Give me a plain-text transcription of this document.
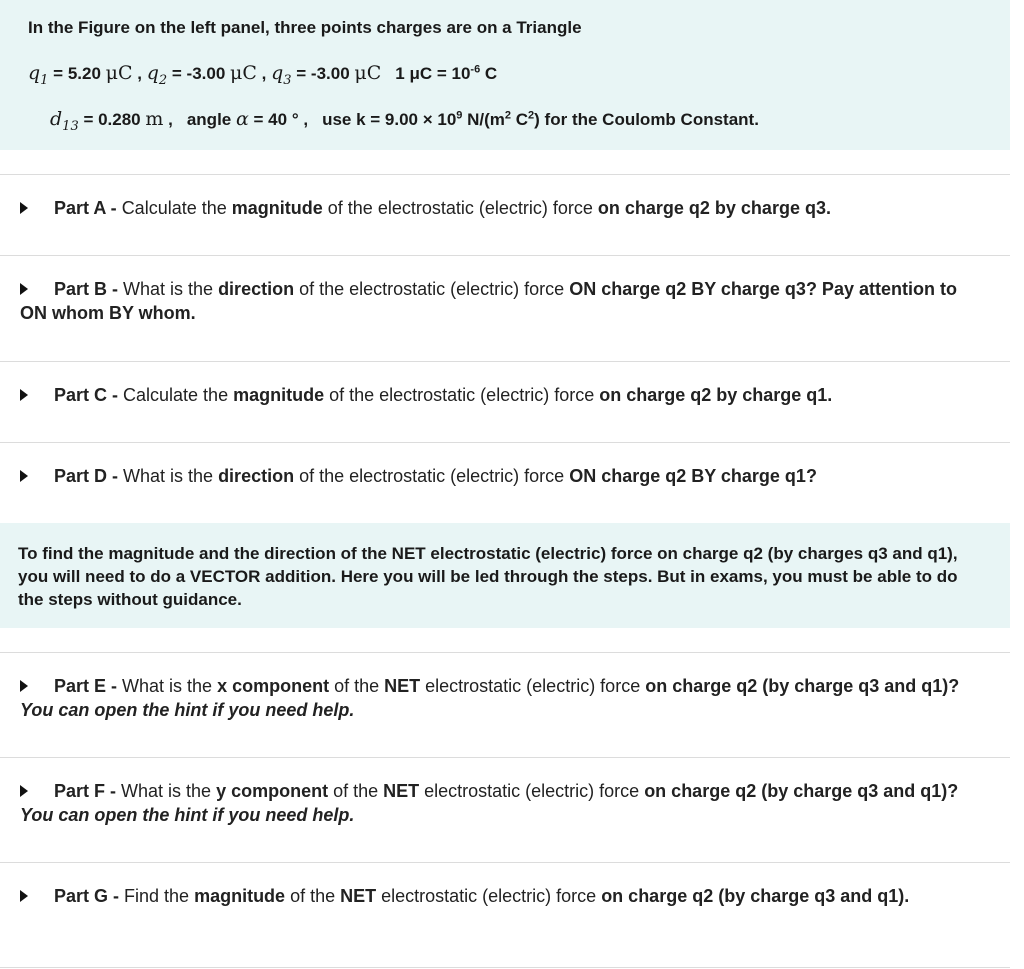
In the Figure on the left panel, three points charges are on a Triangle
$q_1 = 5.20$ μC , $q_2 = -3.00$ μC , $q_3 = -3.00$ μC 1 $\mu C = 10^{-6}$ C
$d_{13} = 0.280$ m , angle α = 40 ° , use $k = 9.00 \times 10^9$ $N/(m^2$ $C^2$) for the Coulomb Constant.
Part A - Calculate the magnitude of the electrostatic (electric) force on charge q2 by charge q3.
Part B - What is the direction of the electrostatic (electric) force ON charge q2 BY charge q3? Pay attention to ON whom BY whom.
Part C - Calculate the magnitude of the electrostatic (electric) force on charge q2 by charge q1.
Part D - What is the direction of the electrostatic (electric) force ON charge q2 BY charge q1?
To find the magnitude and the direction of the NET electrostatic (electric) force on charge q2 (by charges q3 and q1), you will need to do a VECTOR addition. Here you will be led through the steps. But in exams, you must be able to do the steps without guidance.
Part E - What is the x component of the NET electrostatic (electric) force on charge q2 (by charge q3 and q1)?  You can open the hint if you need help.
Part F - What is the y component of the NET electrostatic (electric) force on charge q2 (by charge q3 and q1)?  You can open the hint if you need help.
Part G - Find the magnitude of the NET electrostatic (electric) force on charge q2 (by charge q3 and q1).
